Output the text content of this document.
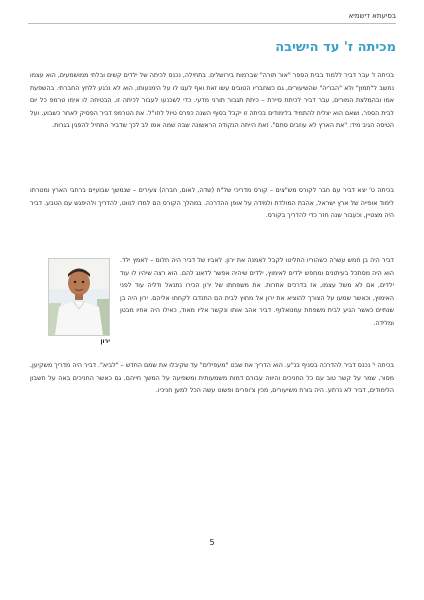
בסיעתא דישמיא
מכיתה ז' עד הישיבה

בכיתה ז' עבר דביר ללמוד בבית הספר "אור תורה" שברמות בירושלים. בתחילה, נכנס לכיתה של ילדים קשים ובלתי ממושמעים, הוא עצמו נחשב ל"תמוּן" ולא "הבריה" שהשיעורים, גם כשחבריו הטובים עשו זאת ואף לעגו לו על הימנעותו, הוא לא נכנע ללחץ החברתי. בהשפעת אמו ובהמלצת המורים, עבר דביר לכיתת סיירת – כיתת תגבור תורני מדעי. כדי לשכנעו לעבור לכיתה זו, הבטיחה לו אימו טרמפ כל יום לבית הספר, ושאם הוא יצליח להתמיד בלימודים בכיתה זו יקבל בסוף השנה כפרס טיול לחו"ל. את הטרמפ דביר הפסיק לאחר כשבוע, ועל הטיסה הגיב מיד: "את הארץ לא עוזבים סתם". זאת הייתה הנקודה הראשונה שבה שמה אמו לב לכך שדביר התחיל להפגין בגרות.

בכיתה ט' יצא דביר עם חבר לקורס מש"צים – קורס מדריכי של"ח (שדה, לאום, חברה) צעירים – שנמשך שבועיים ברחבי הארץ ומטרתו לימוד אופייה של ארץ ישראל, אהבת המולדת ולמידה על אופן ההדרכה. במהלך הקורס הם למדו לנווט, להדריך ולהיפגש עם הטבע. דביר היה מצטיין, וכעבור שנה חזר כדי להדריך בקורס.

ירון

דביר היה בן חמש עשרה כשהוריו החליטו לקבל לאמנה את ירון. לאביו של דביר היה חלום – לאמץ ילד. הוא היה מסתכל בעיתונים ומחפש ילדים לאימוץ, ילדים שיהיה אפשר לדאוג להם. הוא רצה שיהיו לו עוד ילדים, אם לא משל עצמו, אז בדרכים אחרות. את משפחתו של ירון הכירו נתנאל ודליה עוד לפני האימוץ, וכאשר שמעו על הצורך להוציא את ירון אל מחוץ לבית הם התנדבו לקחתו אליהם. ירון היה בן שנתיים כאשר הגיע לבית משפחת עמנואלוף. דביר אהב אותו ונקשר אליו מאוד, כאילו היה אחיו מבטן ומלידה.

בכיתה י' נכנס דביר להדרכה בסניף בנ"ע. הוא הדריך את שבט "מעפילים" עד שקיבלו את שמם החדש – "לביא". דביר היה מדריך משקיען, מסור, שמר על קשר טוב עם כל החניכים והיווה עבורם דמות משמעותית ומשפיעה על המשך חייהם. גם כאשר החניכים באה על חשבון הלימודים, דביר לא נרתע. היה בורח משיעורים, מכין צ'ופרים ופשוט עשה הכל למען חניכיו.

5
